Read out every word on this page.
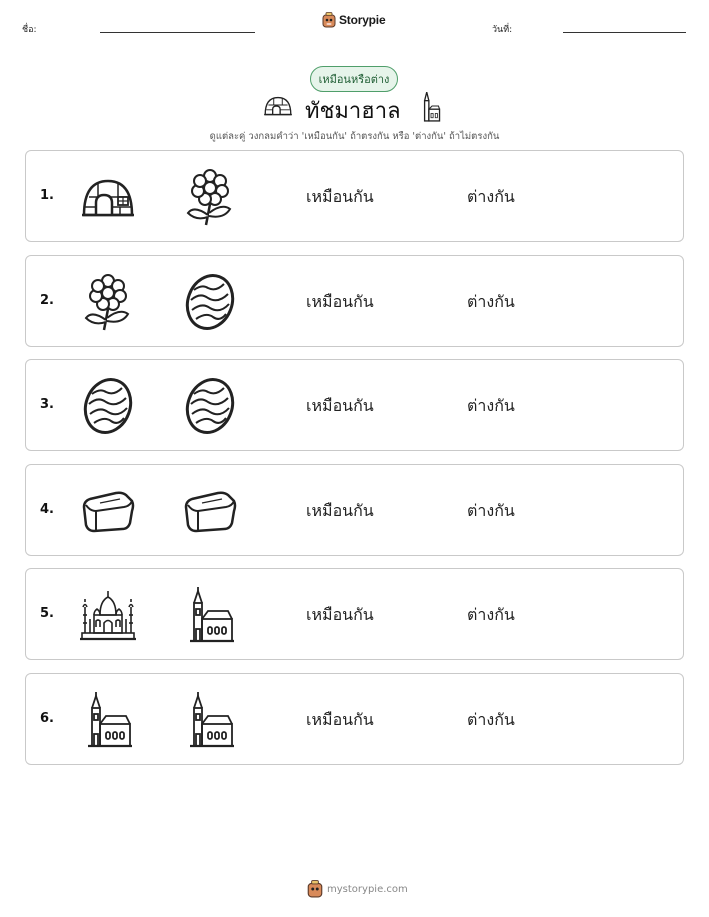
ชื่อ:
Storypie
วันที่:
เหมือนหรือต่าง
ทัชมาฮาล
ดูแต่ละคู่ วงกลมคำว่า 'เหมือนกัน' ถ้าตรงกัน หรือ 'ต่างกัน' ถ้าไม่ตรงกัน
1.	เหมือนกัน	ต่างกัน
2.	เหมือนกัน	ต่างกัน
3.	เหมือนกัน	ต่างกัน
4.	เหมือนกัน	ต่างกัน
5.	เหมือนกัน	ต่างกัน
6.	เหมือนกัน	ต่างกัน
mystorypie.com
